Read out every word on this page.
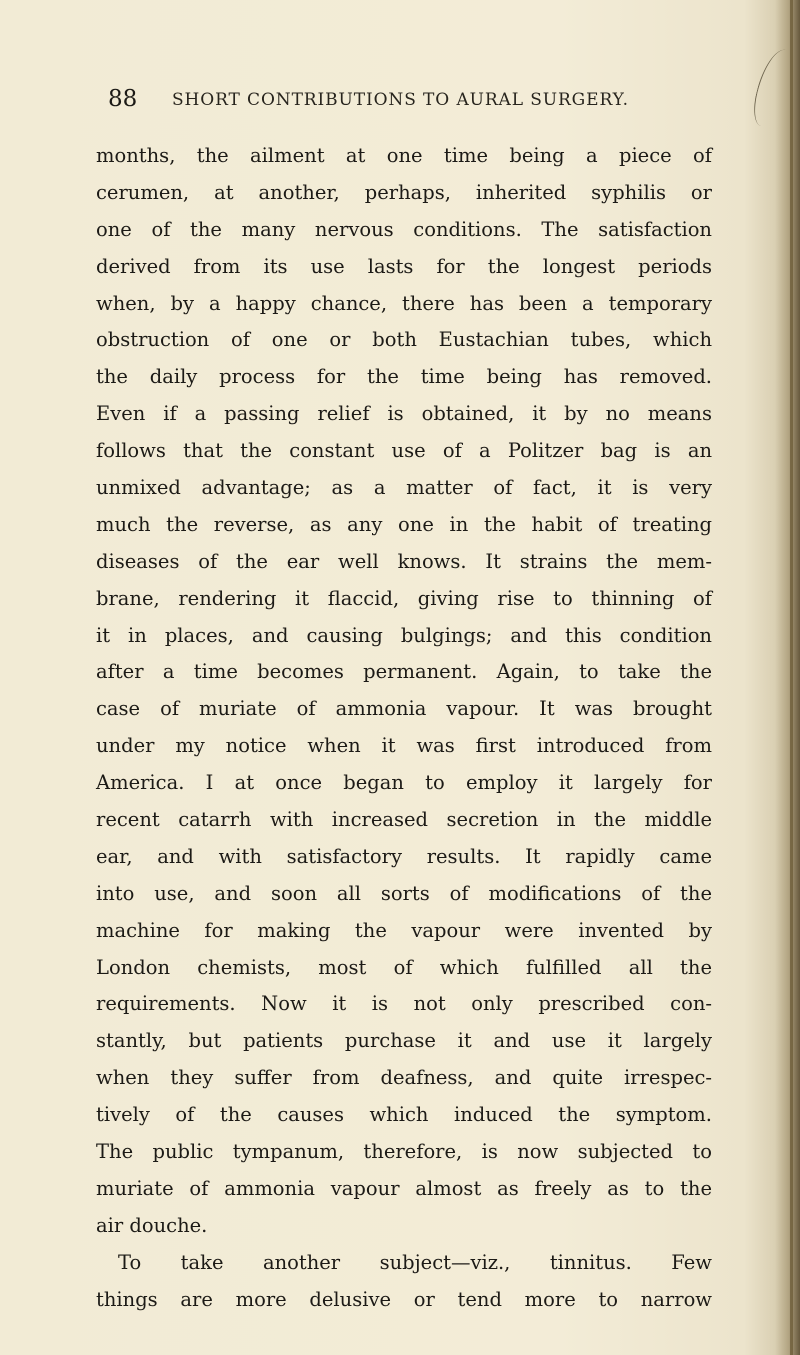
88 SHORT CONTRIBUTIONS TO AURAL SURGERY.
months, the ailment at one time being a piece of
cerumen, at another, perhaps, inherited syphilis or
one of the many nervous conditions. The satisfaction
derived from its use lasts for the longest periods
when, by a happy chance, there has been a temporary
obstruction of one or both Eustachian tubes, which
the daily process for the time being has removed.
Even if a passing relief is obtained, it by no means
follows that the constant use of a Politzer bag is an
unmixed advantage; as a matter of fact, it is very
much the reverse, as any one in the habit of treating
diseases of the ear well knows. It strains the mem-
brane, rendering it flaccid, giving rise to thinning of
it in places, and causing bulgings; and this condition
after a time becomes permanent. Again, to take the
case of muriate of ammonia vapour. It was brought
under my notice when it was first introduced from
America. I at once began to employ it largely for
recent catarrh with increased secretion in the middle
ear, and with satisfactory results. It rapidly came
into use, and soon all sorts of modifications of the
machine for making the vapour were invented by
London chemists, most of which fulfilled all the
requirements. Now it is not only prescribed con-
stantly, but patients purchase it and use it largely
when they suffer from deafness, and quite irrespec-
tively of the causes which induced the symptom.
The public tympanum, therefore, is now subjected to
muriate of ammonia vapour almost as freely as to the
air douche.
To take another subject—viz., tinnitus. Few
things are more delusive or tend more to narrow
